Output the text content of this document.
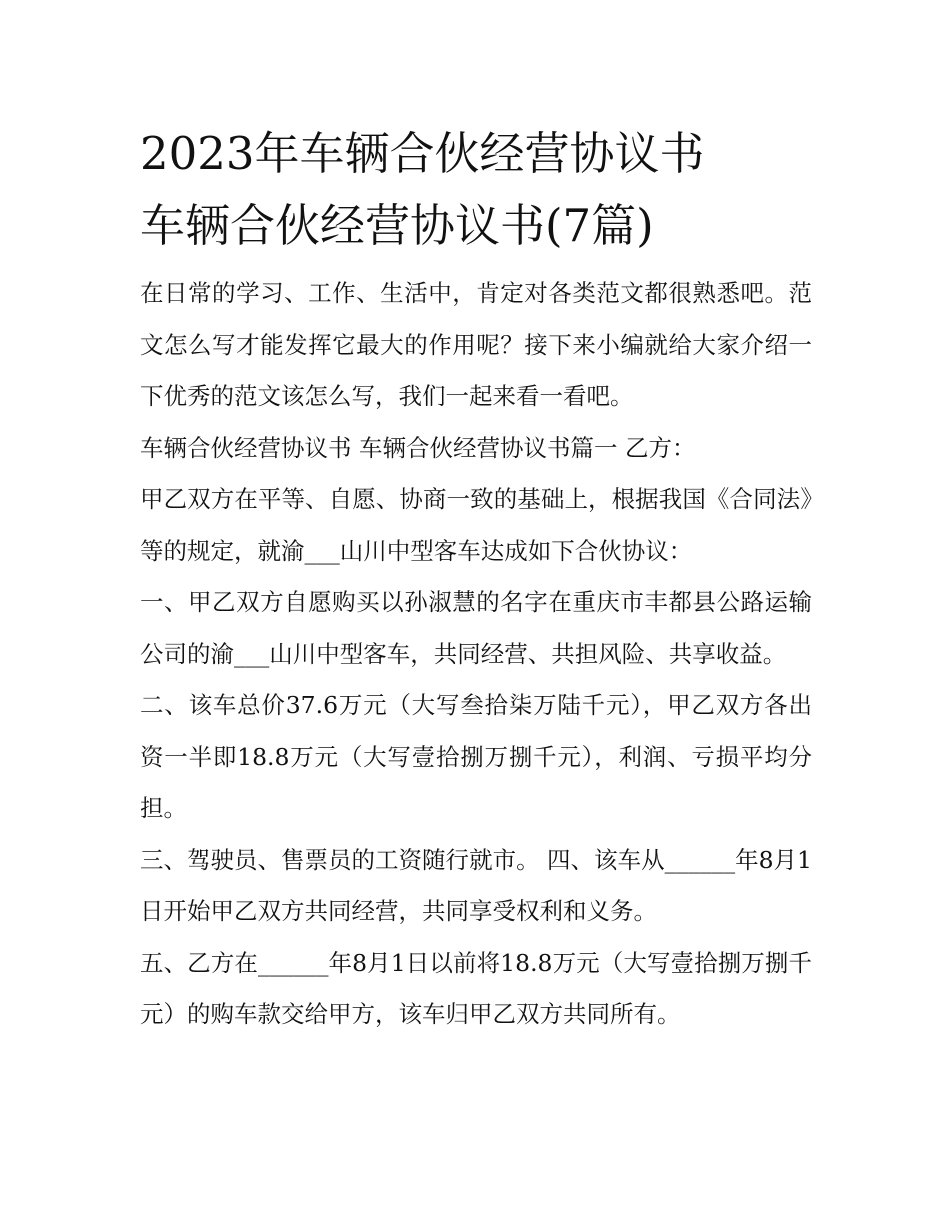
2023年车辆合伙经营协议书
车辆合伙经营协议书(7篇)

在日常的学习、工作、生活中，肯定对各类范文都很熟悉吧。范文怎么写才能发挥它最大的作用呢？接下来小编就给大家介绍一下优秀的范文该怎么写，我们一起来看一看吧。

车辆合伙经营协议书 车辆合伙经营协议书篇一 乙方：

甲乙双方在平等、自愿、协商一致的基础上，根据我国《合同法》等的规定，就渝___山川中型客车达成如下合伙协议：

一、甲乙双方自愿购买以孙淑慧的名字在重庆市丰都县公路运输公司的渝___山川中型客车，共同经营、共担风险、共享收益。

二、该车总价37.6万元（大写叁拾柒万陆千元），甲乙双方各出资一半即18.8万元（大写壹拾捌万捌千元），利润、亏损平均分担。

三、驾驶员、售票员的工资随行就市。 四、该车从______年8月1日开始甲乙双方共同经营，共同享受权利和义务。

五、乙方在______年8月1日以前将18.8万元（大写壹拾捌万捌千元）的购车款交给甲方，该车归甲乙双方共同所有。
